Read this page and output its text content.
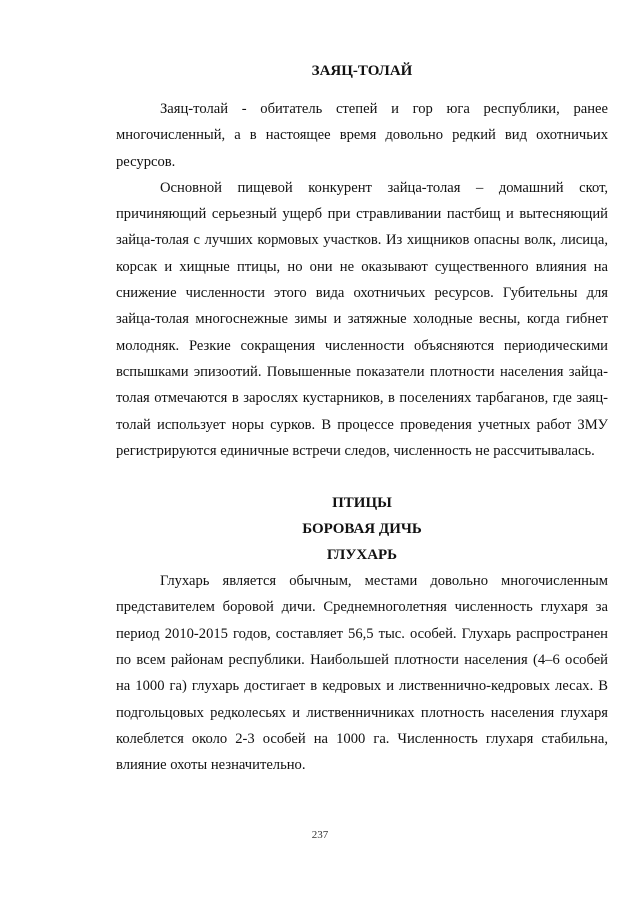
ЗАЯЦ-ТОЛАЙ

Заяц-толай - обитатель степей и гор юга республики, ранее многочисленный, а в настоящее время довольно редкий вид охотничьих ресурсов.

Основной пищевой конкурент зайца-толая – домашний скот, причиняющий серьезный ущерб при стравливании пастбищ и вытесняющий зайца-толая с лучших кормовых участков. Из хищников опасны волк, лисица, корсак и хищные птицы, но они не оказывают существенного влияния на снижение численности этого вида охотничьих ресурсов. Губительны для зайца-толая многоснежные зимы и затяжные холодные весны, когда гибнет молодняк. Резкие сокращения численности объясняются периодическими вспышками эпизоотий. Повышенные показатели плотности населения зайца-толая отмечаются в зарослях кустарников, в поселениях тарбаганов, где заяц-толай использует норы сурков. В процессе проведения учетных работ ЗМУ регистрируются единичные встречи следов, численность не рассчитывалась.

ПТИЦЫ
БОРОВАЯ ДИЧЬ
ГЛУХАРЬ

Глухарь является обычным, местами довольно многочисленным представителем боровой дичи. Среднемноголетняя численность глухаря за период 2010-2015 годов, составляет 56,5 тыс. особей. Глухарь распространен по всем районам республики. Наибольшей плотности населения (4–6 особей на 1000 га) глухарь достигает в кедровых и лиственнично-кедровых лесах. В подгольцовых редколесьях и лиственничниках плотность населения глухаря колеблется около 2-3 особей на 1000 га. Численность глухаря стабильна, влияние охоты незначительно.

237
